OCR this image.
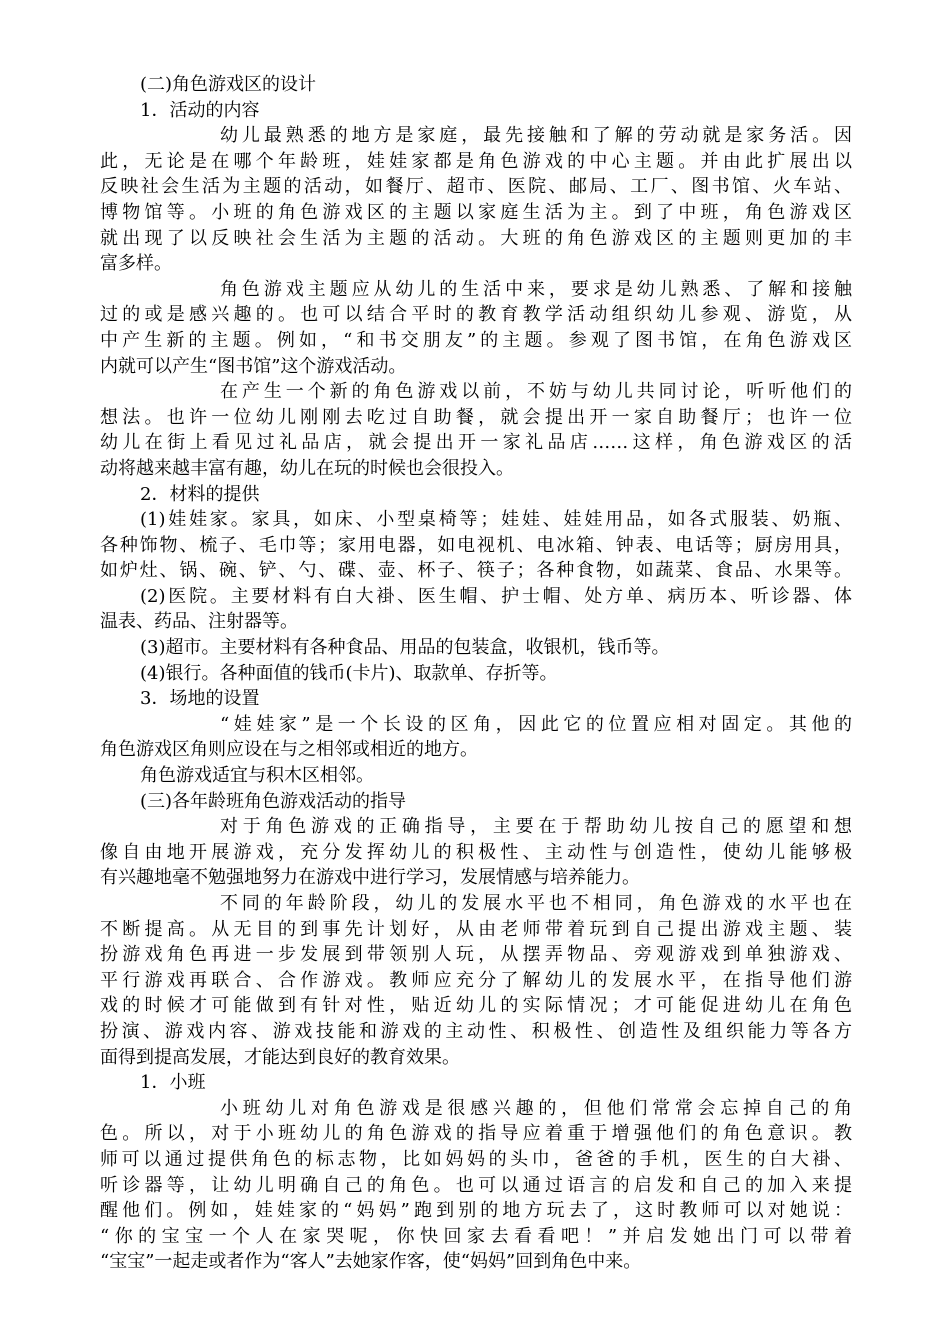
(二)角色游戏区的设计
1．活动的内容
幼儿最熟悉的地方是家庭，最先接触和了解的劳动就是家务活。因
此，无论是在哪个年龄班，娃娃家都是角色游戏的中心主题。并由此扩展出以
反映社会生活为主题的活动，如餐厅、超市、医院、邮局、工厂、图书馆、火车站、
博物馆等。小班的角色游戏区的主题以家庭生活为主。到了中班，角色游戏区
就出现了以反映社会生活为主题的活动。大班的角色游戏区的主题则更加的丰
富多样。
角色游戏主题应从幼儿的生活中来，要求是幼儿熟悉、了解和接触
过的或是感兴趣的。也可以结合平时的教育教学活动组织幼儿参观、游览，从
中产生新的主题。例如，“和书交朋友”的主题。参观了图书馆，在角色游戏区
内就可以产生“图书馆”这个游戏活动。
在产生一个新的角色游戏以前，不妨与幼儿共同讨论，听听他们的
想法。也许一位幼儿刚刚去吃过自助餐，就会提出开一家自助餐厅；也许一位
幼儿在街上看见过礼品店，就会提出开一家礼品店……这样，角色游戏区的活
动将越来越丰富有趣，幼儿在玩的时候也会很投入。
2．材料的提供
(1)娃娃家。家具，如床、小型桌椅等；娃娃、娃娃用品，如各式服装、奶瓶、
各种饰物、梳子、毛巾等；家用电器，如电视机、电冰箱、钟表、电话等；厨房用具，
如炉灶、锅、碗、铲、勺、碟、壶、杯子、筷子；各种食物，如蔬菜、食品、水果等。
(2)医院。主要材料有白大褂、医生帽、护士帽、处方单、病历本、听诊器、体
温表、药品、注射器等。
(3)超市。主要材料有各种食品、用品的包装盒，收银机，钱币等。
(4)银行。各种面值的钱币(卡片)、取款单、存折等。
3．场地的设置
“娃娃家”是一个长设的区角，因此它的位置应相对固定。其他的
角色游戏区角则应设在与之相邻或相近的地方。
角色游戏适宜与积木区相邻。
(三)各年龄班角色游戏活动的指导
对于角色游戏的正确指导，主要在于帮助幼儿按自己的愿望和想
像自由地开展游戏，充分发挥幼儿的积极性、主动性与创造性，使幼儿能够极
有兴趣地毫不勉强地努力在游戏中进行学习，发展情感与培养能力。
不同的年龄阶段，幼儿的发展水平也不相同，角色游戏的水平也在
不断提高。从无目的到事先计划好，从由老师带着玩到自己提出游戏主题、装
扮游戏角色再进一步发展到带领别人玩，从摆弄物品、旁观游戏到单独游戏、
平行游戏再联合、合作游戏。教师应充分了解幼儿的发展水平，在指导他们游
戏的时候才可能做到有针对性，贴近幼儿的实际情况；才可能促进幼儿在角色
扮演、游戏内容、游戏技能和游戏的主动性、积极性、创造性及组织能力等各方
面得到提高发展，才能达到良好的教育效果。
1．小班
小班幼儿对角色游戏是很感兴趣的，但他们常常会忘掉自己的角
色。所以，对于小班幼儿的角色游戏的指导应着重于增强他们的角色意识。教
师可以通过提供角色的标志物，比如妈妈的头巾，爸爸的手机，医生的白大褂、
听诊器等，让幼儿明确自己的角色。也可以通过语言的启发和自己的加入来提
醒他们。例如，娃娃家的“妈妈”跑到别的地方玩去了，这时教师可以对她说：
“你的宝宝一个人在家哭呢，你快回家去看看吧！”并启发她出门可以带着
“宝宝”一起走或者作为“客人”去她家作客，使“妈妈”回到角色中来。
